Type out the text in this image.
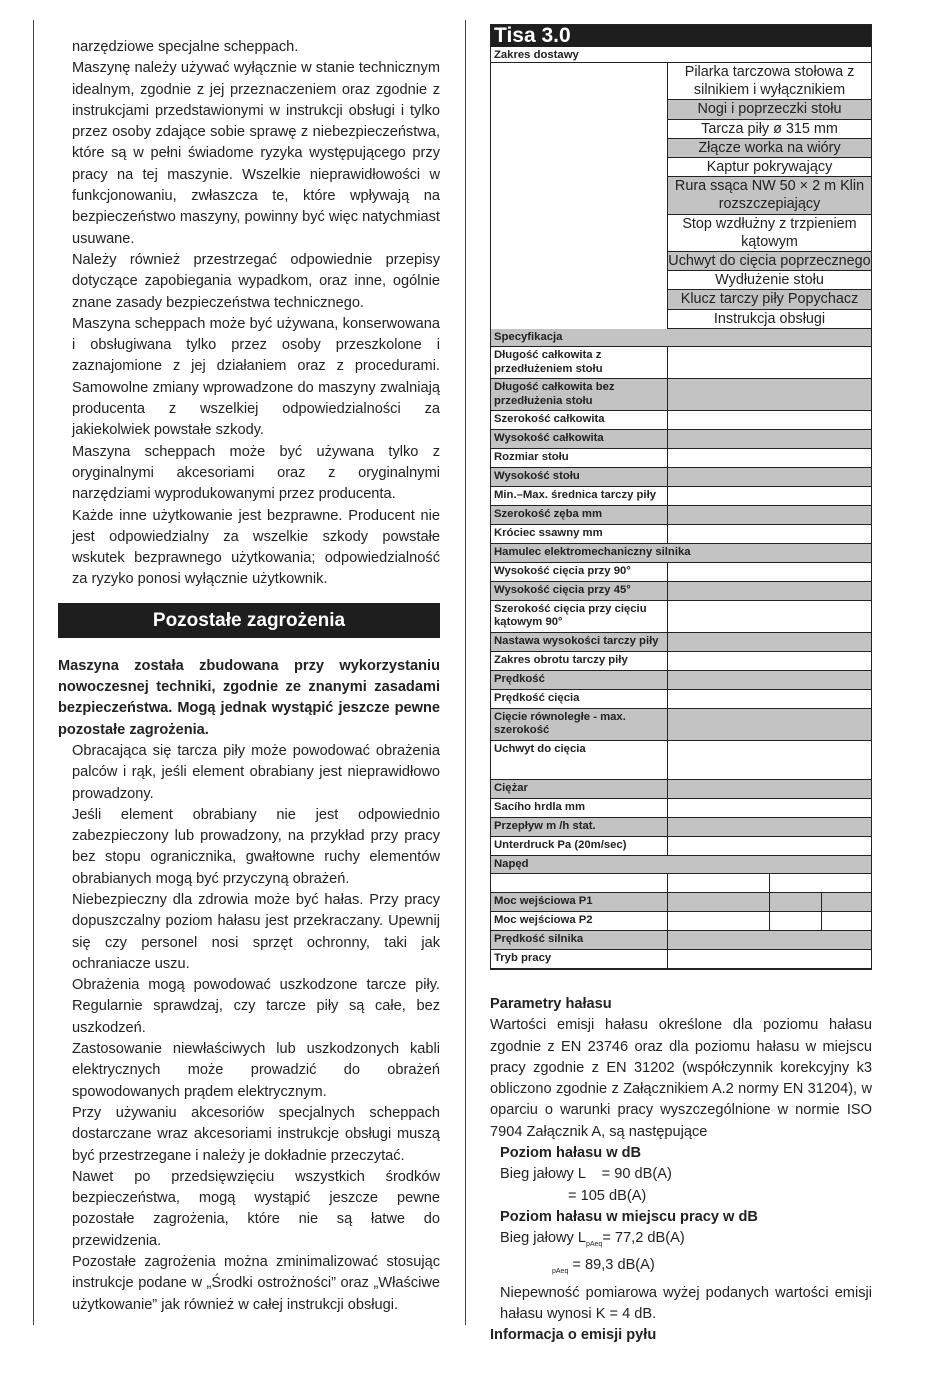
narzędziowe specjalne scheppach.

Maszynę należy używać wyłącznie w stanie technicznym idealnym, zgodnie z jej przeznaczeniem oraz zgodnie z instrukcjami przedstawionymi w instrukcji obsługi i tylko przez osoby zdające sobie sprawę z niebezpieczeństwa, które są w pełni świadome ryzyka występującego przy pracy na tej maszynie. Wszelkie nieprawidłowości w funkcjonowaniu, zwłaszcza te, które wpływają na bezpieczeństwo maszyny, powinny być więc natychmiast usuwane.

Należy również przestrzegać odpowiednie przepisy dotyczące zapobiegania wypadkom, oraz inne, ogólnie znane zasady bezpieczeństwa technicznego.

Maszyna scheppach może być używana, konserwowana i obsługiwana tylko przez osoby przeszkolone i zaznajomione z jej działaniem oraz z procedurami. Samowolne zmiany wprowadzone do maszyny zwalniają producenta z wszelkiej odpowiedzialności za jakiekolwiek powstałe szkody.

Maszyna scheppach może być używana tylko z oryginalnymi akcesoriami oraz z oryginalnymi narzędziami wyprodukowanymi przez producenta.

Każde inne użytkowanie jest bezprawne. Producent nie jest odpowiedzialny za wszelkie szkody powstałe wskutek bezprawnego użytkowania; odpowiedzialność za ryzyko ponosi wyłącznie użytkownik.

Pozostałe zagrożenia

Maszyna została zbudowana przy wykorzystaniu nowoczesnej techniki, zgodnie ze znanymi zasadami bezpieczeństwa. Mogą jednak wystąpić jeszcze pewne pozostałe zagrożenia.

Obracająca się tarcza piły może powodować obrażenia palców i rąk, jeśli element obrabiany jest nieprawidłowo prowadzony.

Jeśli element obrabiany nie jest odpowiednio zabezpieczony lub prowadzony, na przykład przy pracy bez stopu ogranicznika, gwałtowne ruchy elementów obrabianych mogą być przyczyną obrażeń.

Niebezpieczny dla zdrowia może być hałas. Przy pracy dopuszczalny poziom hałasu jest przekraczany. Upewnij się czy personel nosi sprzęt ochronny, taki jak ochraniacze uszu.

Obrażenia mogą powodować uszkodzone tarcze piły. Regularnie sprawdzaj, czy tarcze piły są całe, bez uszkodzeń.

Zastosowanie niewłaściwych lub uszkodzonych kabli elektrycznych może prowadzić do obrażeń spowodowanych prądem elektrycznym.

Przy używaniu akcesoriów specjalnych scheppach dostarczane wraz akcesoriami instrukcje obsługi muszą być przestrzegane i należy je dokładnie przeczytać.

Nawet po przedsięwzięciu wszystkich środków bezpieczeństwa, mogą wystąpić jeszcze pewne pozostałe zagrożenia, które nie są łatwe do przewidzenia.

Pozostałe zagrożenia można zminimalizować stosując instrukcje podane w „Środki ostrożności” oraz „Właściwe użytkowanie” jak również w całej instrukcji obsługi.

Tisa 3.0
Zakres dostawy
Pilarka tarczowa stołowa z silnikiem i wyłącznikiem
Nogi i poprzeczki stołu
Tarcza piły ø 315 mm
Złącze worka na wióry
Kaptur pokrywający
Rura ssąca NW 50 × 2 m Klin rozszczepiający
Stop wzdłużny z trzpieniem kątowym
Uchwyt do cięcia poprzecznego
Wydłużenie stołu
Klucz tarczy piły Popychacz
Instrukcja obsługi
Specyfikacja
Długość całkowita z przedłużeniem stołu
Długość całkowita bez przedłużenia stołu
Szerokość całkowita
Wysokość całkowita
Rozmiar stołu
Wysokość stołu
Min.–Max. średnica tarczy piły
Szerokość zęba mm
Króciec ssawny mm
Hamulec elektromechaniczny silnika
Wysokość cięcia przy 90°
Wysokość cięcia przy 45°
Szerokość cięcia przy cięciu kątowym 90°
Nastawa wysokości tarczy piły
Zakres obrotu tarczy piły
Prędkość
Prędkość cięcia
Cięcie równoległe - max. szerokość
Uchwyt do cięcia
Ciężar
Sacího hrdla mm
Przepływ m /h stat.
Unterdruck Pa (20m/sec)
Napęd
Moc wejściowa P1
Moc wejściowa P2
Prędkość silnika
Tryb pracy

Parametry hałasu

Wartości emisji hałasu określone dla poziomu hałasu zgodnie z EN 23746 oraz dla poziomu hałasu w miejscu pracy zgodnie z EN 31202 (współczynnik korekcyjny k3 obliczono zgodnie z Załącznikiem A.2 normy EN 31204), w oparciu o warunki pracy wyszczególnione w normie ISO 7904 Załącznik A, są następujące

Poziom hałasu w dB

Bieg jałowy L    = 90 dB(A)

= 105 dB(A)

Poziom hałasu w miejscu pracy w dB

Bieg jałowy $L_{pAeq}= 77,2$ dB(A)

$_{pAeq}$ = 89,3 dB(A)

Niepewność pomiarowa wyżej podanych wartości emisji hałasu wynosi K = 4 dB.

Informacja o emisji pyłu
